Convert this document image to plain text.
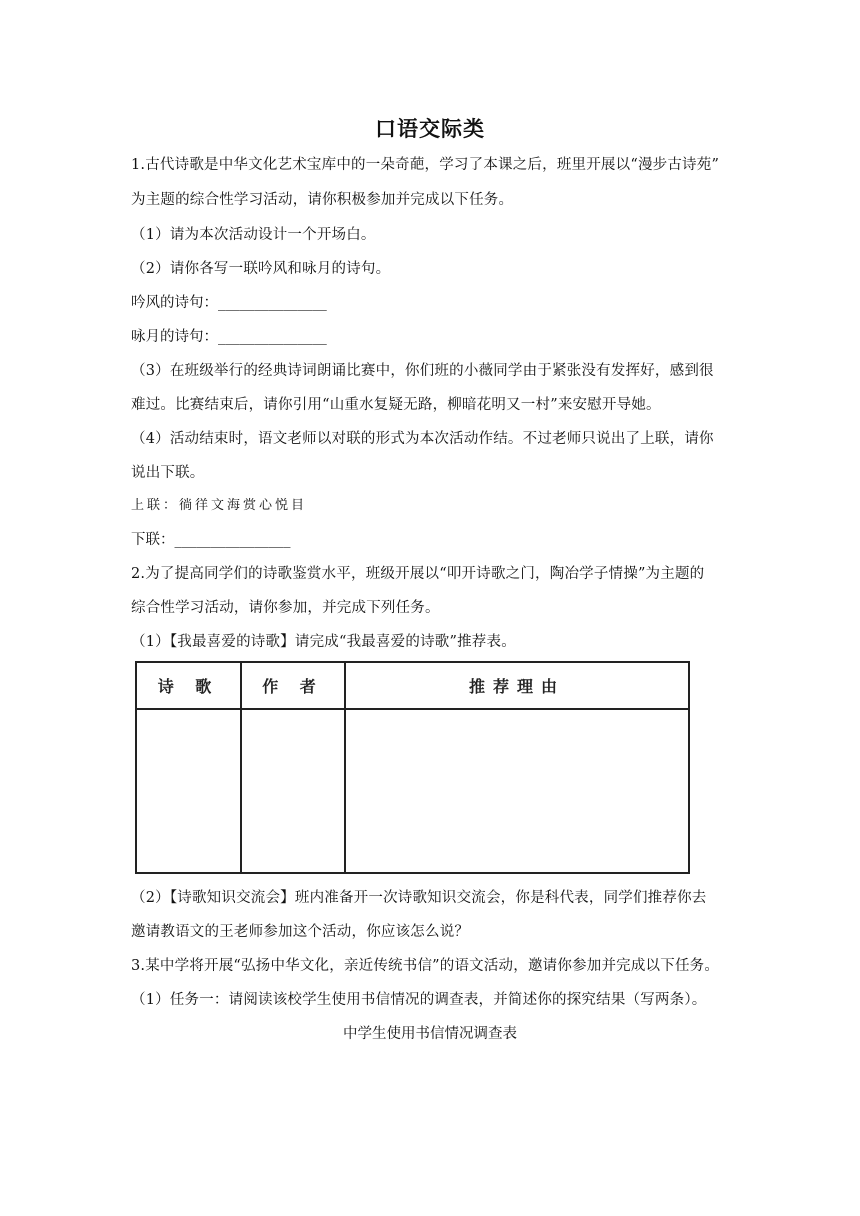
口语交际类
1.古代诗歌是中华文化艺术宝库中的一朵奇葩，学习了本课之后，班里开展以“漫步古诗苑”
为主题的综合性学习活动，请你积极参加并完成以下任务。
（1）请为本次活动设计一个开场白。
（2）请你各写一联吟风和咏月的诗句。
吟风的诗句：_______________
咏月的诗句：_______________
（3）在班级举行的经典诗词朗诵比赛中，你们班的小薇同学由于紧张没有发挥好，感到很
难过。比赛结束后，请你引用“山重水复疑无路，柳暗花明又一村”来安慰开导她。
（4）活动结束时，语文老师以对联的形式为本次活动作结。不过老师只说出了上联，请你
说出下联。
上联：徜徉文海赏心悦目
下联：________________
2.为了提高同学们的诗歌鉴赏水平，班级开展以“叩开诗歌之门，陶冶学子情操”为主题的
综合性学习活动，请你参加，并完成下列任务。
（1）【我最喜爱的诗歌】请完成“我最喜爱的诗歌”推荐表。
诗 歌	作 者	推荐理由

（2）【诗歌知识交流会】班内准备开一次诗歌知识交流会，你是科代表，同学们推荐你去
邀请教语文的王老师参加这个活动，你应该怎么说？
3.某中学将开展“弘扬中华文化，亲近传统书信”的语文活动，邀请你参加并完成以下任务。
（1）任务一：请阅读该校学生使用书信情况的调查表，并简述你的探究结果（写两条）。
中学生使用书信情况调查表
